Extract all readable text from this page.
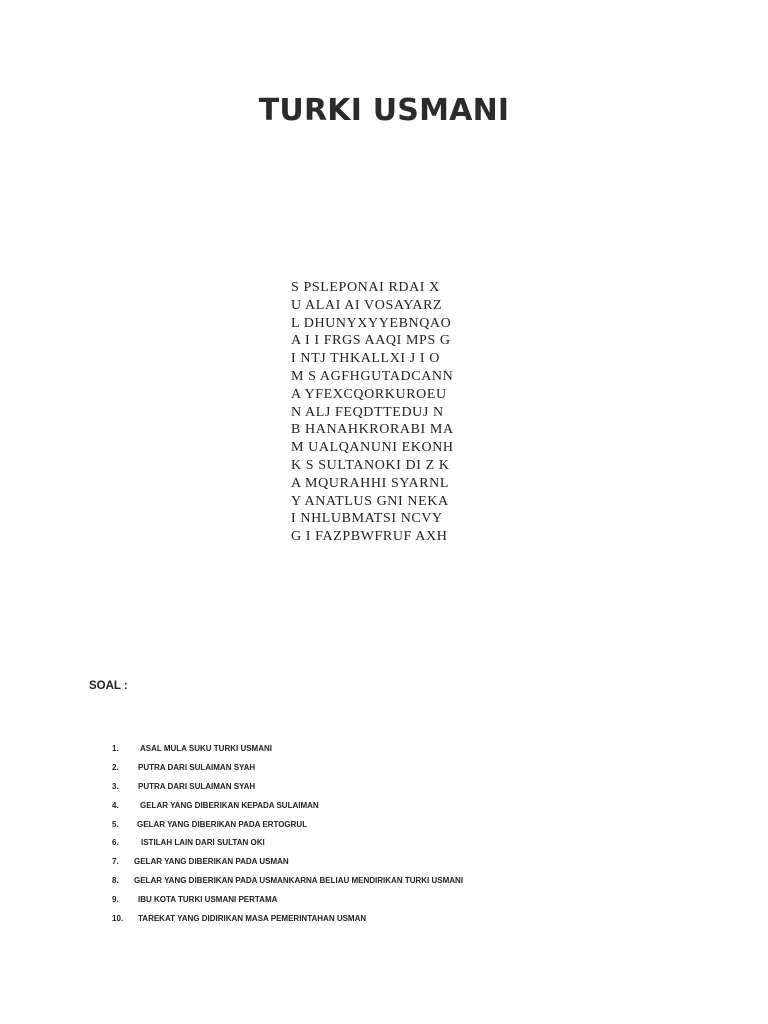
TURKI USMANI
S PSLEPONAI RDAI X
U ALAI AI VOSAYARZ
L DHUNYXYYEBNQAO
A I I FRGS AAQI MPS G
I NTJ THKALLXI J I O
M S AGFHGUTADCANN
A YFEXCQORKUROEU
N ALJ FEQDTTEDUJ N
B HANAHKRORABI MA
M UALQANUNI EKONH
K S SULTANOKI DI Z K
A MQURAHHI SYARNL
Y ANATLUS GNI NEKA
I NHLUBMATSI NCVY
G I FAZPBWFRUF AXH
SOAL :
1.	ASAL MULA SUKU TURKI USMANI
2. PUTRA DARI SULAIMAN SYAH
3. PUTRA DARI SULAIMAN SYAH
4.	GELAR YANG DIBERIKAN KEPADA SULAIMAN
5. GELAR YANG DIBERIKAN PADA ERTOGRUL
6.	ISTILAH LAIN DARI SULTAN OKI
7. GELAR YANG DIBERIKAN PADA USMAN
8. GELAR YANG DIBERIKAN PADA USMANKARNA BELIAU MENDIRIKAN TURKI USMANI
9. IBU KOTA TURKI USMANI PERTAMA
10. TAREKAT YANG DIDIRIKAN MASA PEMERINTAHAN USMAN
